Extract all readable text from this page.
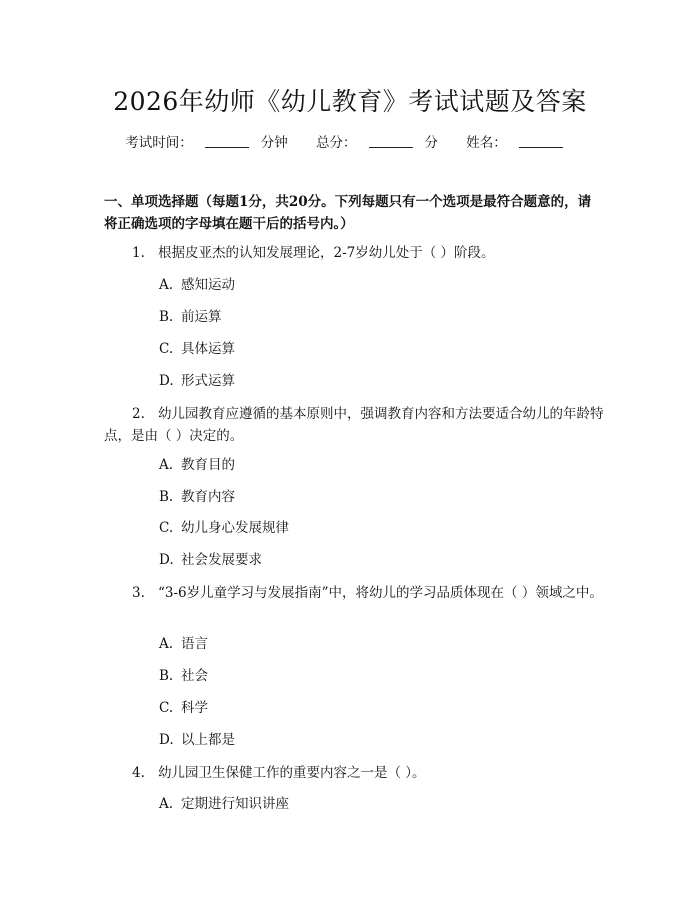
2026年幼师《幼儿教育》考试试题及答案
考试时间：	分钟 总分：	分 姓名：
一、单项选择题（每题1分，共20分。下列每题只有一个选项是最符合题意的，请将正确选项的字母填在题干后的括号内。）
1. 根据皮亚杰的认知发展理论，2-7岁幼儿处于（ ）阶段。
A. 感知运动
B. 前运算
C. 具体运算
D. 形式运算
2. 幼儿园教育应遵循的基本原则中，强调教育内容和方法要适合幼儿的年龄特点，是由（ ）决定的。
A. 教育目的
B. 教育内容
C. 幼儿身心发展规律
D. 社会发展要求
3. “3-6岁儿童学习与发展指南”中，将幼儿的学习品质体现在（ ）领域之中。
A. 语言
B. 社会
C. 科学
D. 以上都是
4. 幼儿园卫生保健工作的重要内容之一是（ ）。
A. 定期进行知识讲座
